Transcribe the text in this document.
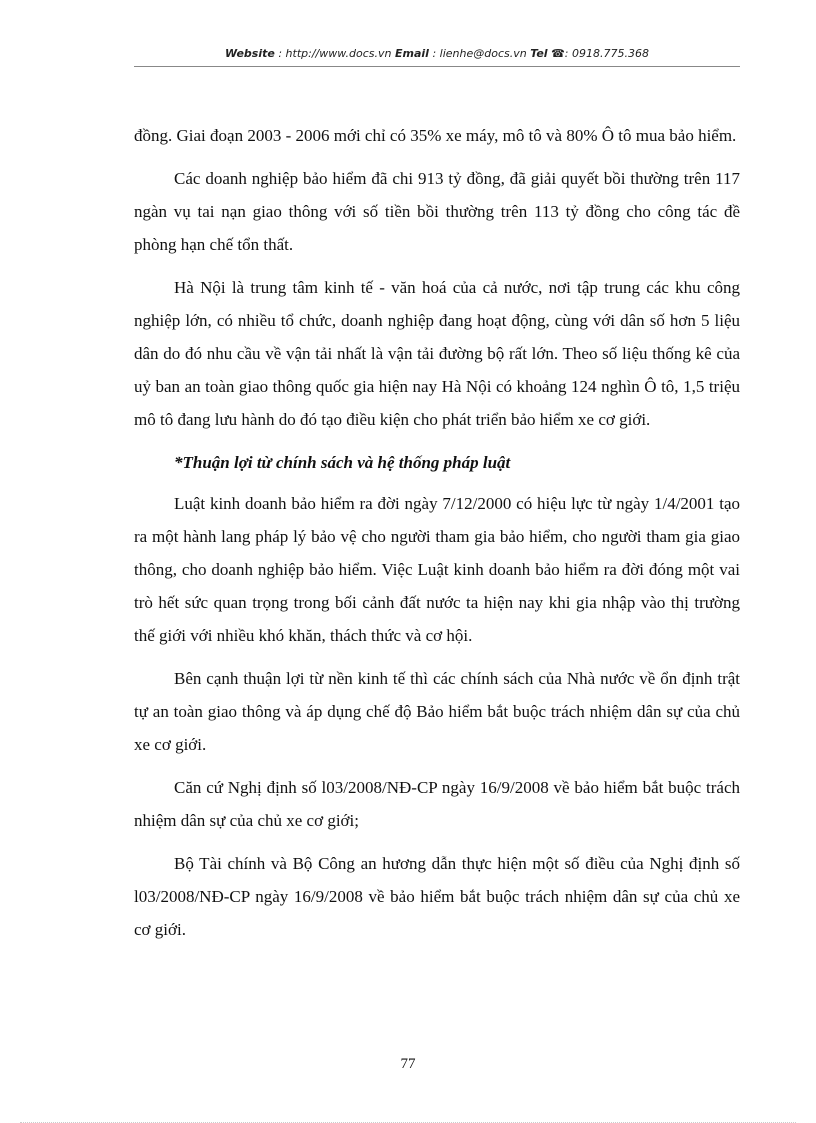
Website : http://www.docs.vn Email : lienhe@docs.vn Tel ☎: 0918.775.368

đồng. Giai đoạn 2003 - 2006 mới chỉ có 35% xe máy, mô tô và 80% Ô tô mua bảo hiểm.

Các doanh nghiệp bảo hiểm đã chi 913 tỷ đồng, đã giải quyết bồi thường trên 117 ngàn vụ tai nạn giao thông với số tiền bồi thường trên 113 tỷ đồng cho công tác đề phòng hạn chế tổn thất.

Hà Nội là trung tâm kinh tế - văn hoá của cả nước, nơi tập trung các khu công nghiệp lớn, có nhiều tổ chức, doanh nghiệp đang hoạt động, cùng với dân số hơn 5 liệu dân do đó nhu cầu về vận tải nhất là vận tải đường bộ rất lớn. Theo số liệu thống kê của uỷ ban an toàn giao thông quốc gia hiện nay Hà Nội có khoảng 124 nghìn Ô tô, 1,5 triệu mô tô đang lưu hành do đó tạo điều kiện cho phát triển bảo hiểm xe cơ giới.

*Thuận lợi từ chính sách và hệ thống pháp luật

Luật kinh doanh bảo hiểm ra đời ngày 7/12/2000 có hiệu lực từ ngày 1/4/2001 tạo ra một hành lang pháp lý bảo vệ cho người tham gia bảo hiểm, cho người tham gia giao thông, cho doanh nghiệp bảo hiểm. Việc Luật kinh doanh bảo hiểm ra đời đóng một vai trò hết sức quan trọng trong bối cảnh đất nước ta hiện nay khi gia nhập vào thị trường thế giới với nhiều khó khăn, thách thức và cơ hội.

Bên cạnh thuận lợi từ nền kinh tế thì các chính sách của Nhà nước về ổn định trật tự an toàn giao thông và áp dụng chế độ Bảo hiểm bắt buộc trách nhiệm dân sự của chủ xe cơ giới.

Căn cứ Nghị định số l03/2008/NĐ-CP ngày 16/9/2008 về bảo hiểm bắt buộc trách nhiệm dân sự của chủ xe cơ giới;

Bộ Tài chính và Bộ Công an hương dẫn thực hiện một số điều của Nghị định số l03/2008/NĐ-CP ngày 16/9/2008 về bảo hiểm bắt buộc trách nhiệm dân sự của chủ xe cơ giới.

77
